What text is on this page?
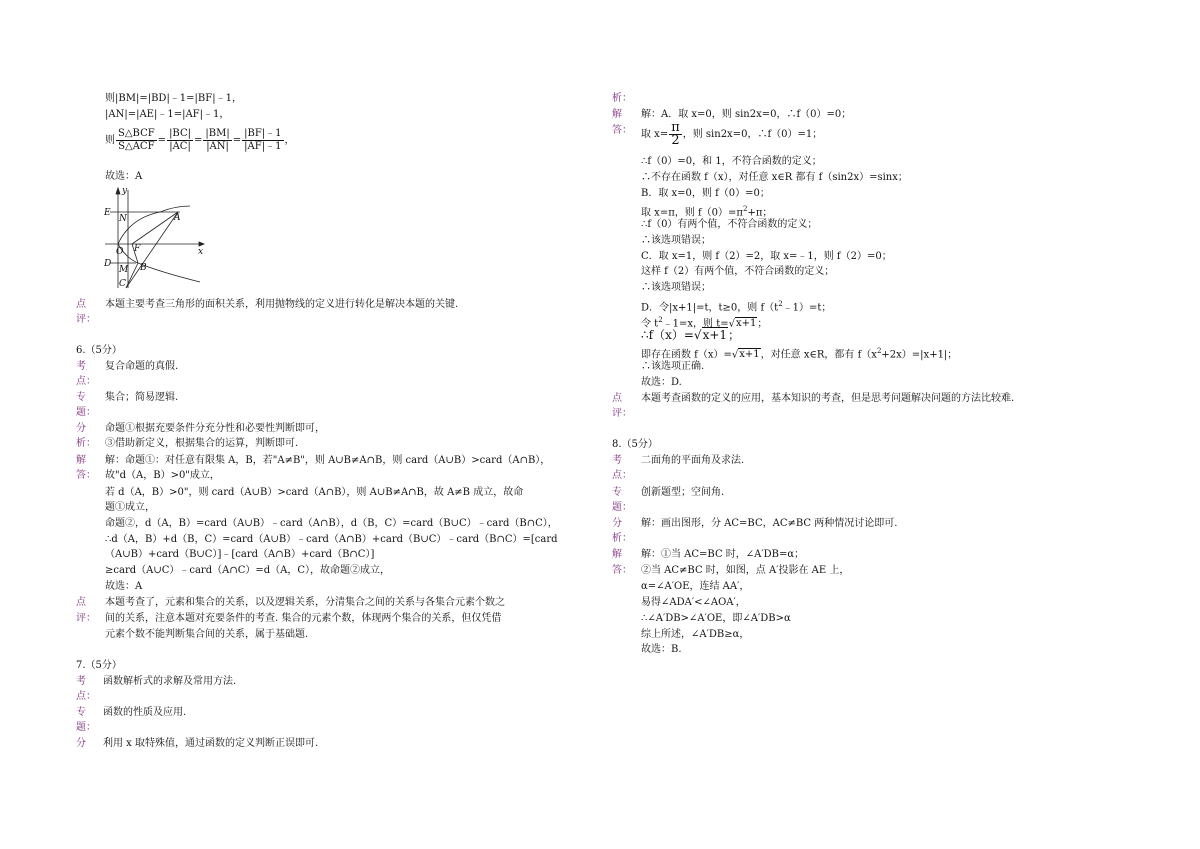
则|BM|=|BD|﹣1=|BF|﹣1，
|AN|=|AE|﹣1=|AF|﹣1，
则 $\frac{\text{S△BCF}}{\text{S△ACF}} = \frac{|BC|}{|AC|} = \frac{|BM|}{|AN|} = \frac{|BF|﹣1}{|AF|﹣1}$ ，
故选：A
y
x
E
N	A
O F
D
M B
C
点
评：
本题主要考查三角形的面积关系，利用抛物线的定义进行转化是解决本题的关键.
6.（5分）
考
点：
复合命题的真假.
专
题：
集合；简易逻辑.
分
析：
命题①根据充要条件分充分性和必要性判断即可，
③借助新定义，根据集合的运算，判断即可.
解
答：
解：命题①：对任意有限集 A，B，若"A≠B"，则 A∪B≠A∩B，则 card（A∪B）>card（A∩B），
故"d（A，B）>0"成立，
若 d（A，B）>0"，则 card（A∪B）>card（A∩B），则 A∪B≠A∩B，故 A≠B 成立，故命
题①成立，
命题②，d（A，B）=card（A∪B）﹣card（A∩B），d（B，C）=card（B∪C）﹣card（B∩C），
∴d（A，B）+d（B，C）=card（A∪B）﹣card（A∩B）+card（B∪C）﹣card（B∩C）=[card
（A∪B）+card（B∪C）]﹣[card（A∩B）+card（B∩C）]
≥card（A∪C）﹣card（A∩C）=d（A，C），故命题②成立，
故选：A
点
评：
本题考查了，元素和集合的关系，以及逻辑关系，分清集合之间的关系与各集合元素个数之
间的关系，注意本题对充要条件的考查. 集合的元素个数，体现两个集合的关系，但仅凭借
元素个数不能判断集合间的关系，属于基础题.
7.（5分）
考
点：
函数解析式的求解及常用方法.
专
题：
函数的性质及应用.
分 利用 x 取特殊值，通过函数的定义判断正误即可.
析：
解
答：
解：A．取 x=0，则 sin2x=0，∴f（0）=0；
取 $x= \frac{\pi}{2}$ ，则 sin2x=0，∴f（0）=1；
∴f（0）=0，和 1，不符合函数的定义；
∴不存在函数 f（x），对任意 x∈R 都有 f（sin2x）=sinx；
B．取 x=0，则 f（0）=0；
取 x=π，则 $f(0)=\pi^2+\pi$；
∴f（0）有两个值，不符合函数的定义；
∴该选项错误；
C．取 x=1，则 f（2）=2，取 x=﹣1，则 f（2）=0；
这样 f（2）有两个值，不符合函数的定义；
∴该选项错误；
D．令|x+1|=t，t≥0，则 $f(t^2﹣1)=t$；
令 $t^2﹣1=x$，则 t=√x+1；
∴f（x）=√x+1；
即存在函数 f（x）=√x+1，对任意 x∈R，都有 $f(x^2+2x)=|x+1|$；
∴该选项正确.
故选：D.
点
评：
本题考查函数的定义的应用，基本知识的考查，但是思考问题解决问题的方法比较难.
8.（5分）
考
点：
二面角的平面角及求法.
专
题：
创新题型；空间角.
分
析：
解：画出图形，分 AC=BC，AC≠BC 两种情况讨论即可.
解
答：
解：①当 AC=BC 时，∠A′DB=α；
②当 AC≠BC 时，如图，点 A′投影在 AE 上，
α=∠A′OE，连结 AA′，
易得∠ADA′<∠AOA′，
∴∠A′DB>∠A′OE，即∠A′DB>α
综上所述，∠A′DB≥α，
故选：B.
